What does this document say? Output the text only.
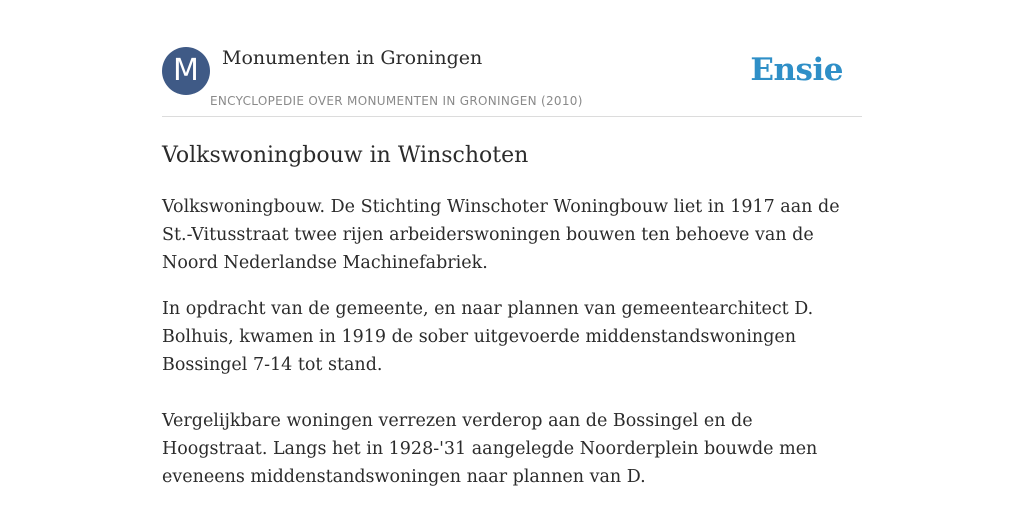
M	Monumenten in Groningen
ENCYCLOPEDIE OVER MONUMENTEN IN GRONINGEN (2010)
Ensie
Volkswoningbouw in Winschoten

Volkswoningbouw. De Stichting Winschoter Woningbouw liet in 1917 aan de St.-Vitusstraat twee rijen arbeiderswoningen bouwen ten behoeve van de Noord Nederlandse Machinefabriek.

In opdracht van de gemeente, en naar plannen van gemeentearchitect D. Bolhuis, kwamen in 1919 de sober uitgevoerde middenstandswoningen Bossingel 7-14 tot stand.

Vergelijkbare woningen verrezen verderop aan de Bossingel en de Hoogstraat. Langs het in 1928-'31 aangelegde Noorderplein bouwde men eveneens middenstandswoningen naar plannen van D.
